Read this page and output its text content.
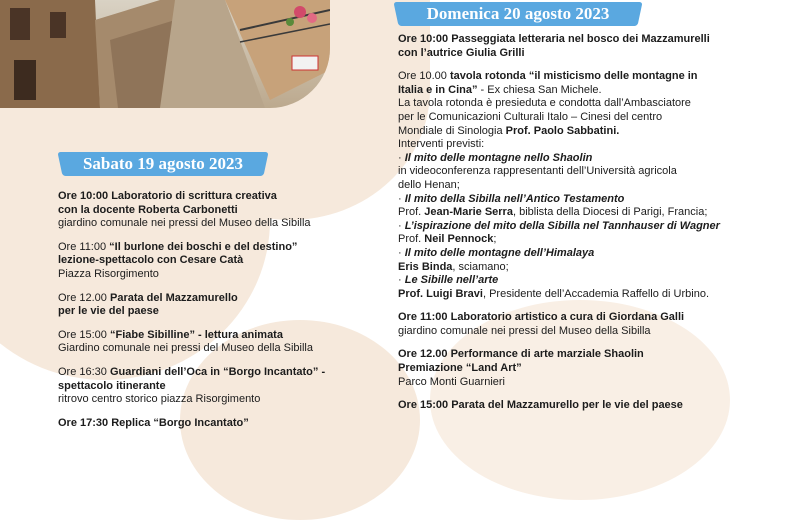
Sabato 19 agosto 2023
Domenica 20 agosto 2023
Ore 10:00 Laboratorio di scrittura creativa
con la docente Roberta Carbonetti
giardino comunale nei pressi del Museo della Sibilla
Ore 11:00 “Il burlone dei boschi e del destino”
lezione-spettacolo con Cesare Catà
Piazza Risorgimento
Ore 12.00 Parata del Mazzamurello
per le vie del paese
Ore 15:00 “Fiabe Sibilline” - lettura animata
Giardino comunale nei pressi del Museo della Sibilla
Ore 16:30 Guardiani dell’Oca in “Borgo Incantato” -
spettacolo itinerante
ritrovo centro storico piazza Risorgimento
Ore 17:30 Replica “Borgo Incantato”
Ore 10:00 Passeggiata letteraria nel bosco dei Mazzamurelli
con l’autrice Giulia Grilli
Ore 10.00 tavola rotonda “il misticismo delle montagne in
Italia e in Cina” - Ex chiesa San Michele.
La tavola rotonda è presieduta e condotta dall’Ambasciatore
per le Comunicazioni Culturali Italo – Cinesi del centro
Mondiale di Sinologia Prof. Paolo Sabbatini.
Interventi previsti:
· Il mito delle montagne nello Shaolin
in videoconferenza rappresentanti dell’Università agricola
dello Henan;
· Il mito della Sibilla nell’Antico Testamento
Prof. Jean-Marie Serra, biblista della Diocesi di Parigi, Francia;
· L’ispirazione del mito della Sibilla nel Tannhauser di Wagner
Prof. Neil Pennock;
· Il mito delle montagne dell’Himalaya
Eris Binda, sciamano;
· Le Sibille nell’arte
Prof. Luigi Bravi, Presidente dell’Accademia Raffello di Urbino.
Ore 11:00 Laboratorio artistico a cura di Giordana Galli
giardino comunale nei pressi del Museo della Sibilla
Ore 12.00 Performance di arte marziale Shaolin
Premiazione “Land Art”
Parco Monti Guarnieri
Ore 15:00 Parata del Mazzamurello per le vie del paese
